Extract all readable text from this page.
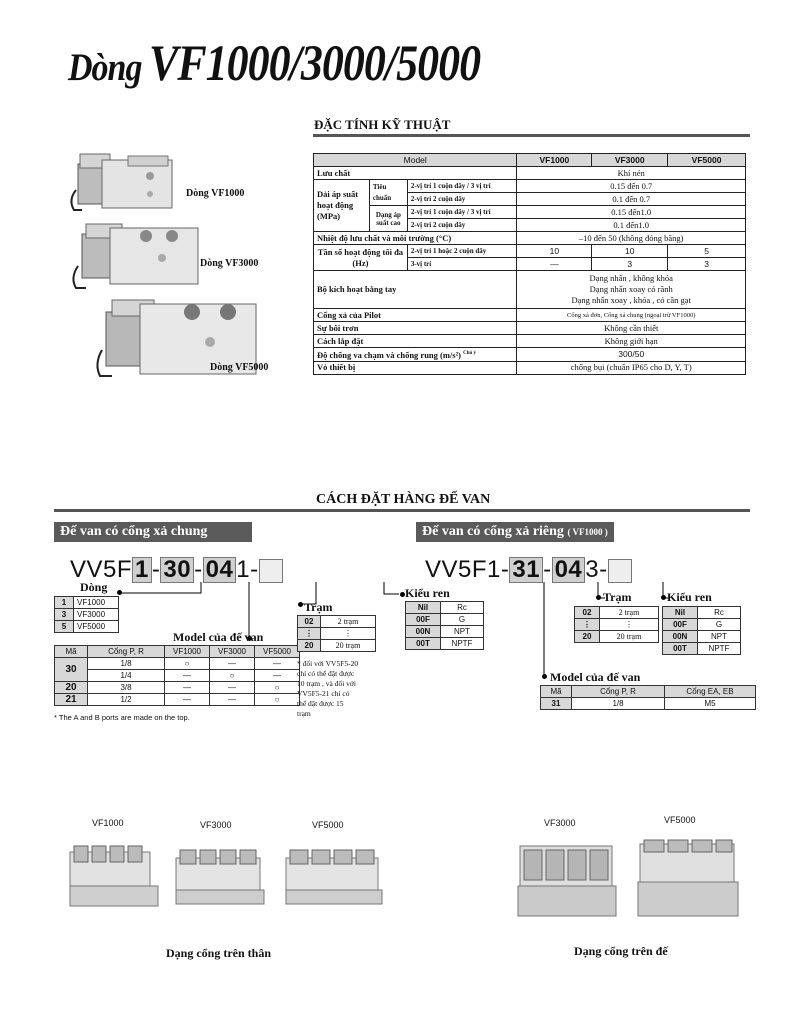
Dòng VF1000/3000/5000
ĐẶC TÍNH KỸ THUẬT
Dòng VF1000
Dòng VF3000
Dòng VF5000
Model			VF1000	VF3000	VF5000
Lưu chất			Khí nén		
Dải áp suất hoạt động (MPa)	Tiêu chuẩn	2-vị trí 1 cuộn dây / 3 vị trí	0.15 đến 0.7		
		2-vị trí 2 cuộn dây	0.1 đến 0.7		
	Dạng áp suất cao	2-vị trí 1 cuộn dây / 3 vị trí	0.15 đến1.0		
		2-vị trí 2 cuộn dây	0.1 đến1.0		
Nhiệt độ lưu chất và môi trường (°C)			–10 đến 50 (không đóng băng)		
Tần số hoạt động tối đa (Hz)		2-vị trí 1 hoặc 2 cuộn dây	10	10	5
		3-vị trí	—	3	3
Bộ kích hoạt bằng tay			Dạng nhấn , không khóa
Dạng nhấn xoay có rãnh
Dạng nhấn xoay , khóa , có cần gạt		

Cổng xả của Pilot			Cổng xả đơn, Cổng xả chung (ngoại trừ VF1000)		
Sự bôi trơn			Không cần thiết		
Cách lắp đặt			Không giới hạn		
Độ chống va chạm và chống rung (m/s²) $^{Chú ý}$			300/50		
Vỏ thiết bị			chống bụi (chuẩn IP65 cho D, Y, T)		
CÁCH ĐẶT HÀNG ĐẾ VAN
Đế van có cổng xả chung
VV5F 1 - 30 - 04 1-
Dòng
1	VF1000
3	VF3000
5	VF5000
Model của đế van
Mã	Cổng P, R	VF1000	VF3000	VF5000
30	1/8	○	—	—
	1/4	—	○	—
20	3/8	—	—	○
21	1/2	—	—	○
* The A and B ports are made on the top.
Trạm
02	2 trạm
⋮	⋮
20	20 trạm
* đối với VV5F5-20
chỉ có thể đặt được
10 trạm , và đối với
VV5F5-21 chỉ có
thể đặt được 15
trạm
Kiểu ren
Nil	Rc
00F	G
00N	NPT
00T	NPTF
Đế van có cổng xả riêng ( VF1000 )
VV5F1- 31 - 04 3-
Trạm
02	2 trạm
⋮	⋮
20	20 trạm
Kiểu ren
Nil	Rc
00F	G
00N	NPT
00T	NPTF
Model của đế van
Mã	Cổng P, R	Cổng EA, EB
31	1/8	M5
VF1000	VF3000	VF5000	VF3000	VF5000
Dạng cổng trên thân	Dạng cổng trên đế
